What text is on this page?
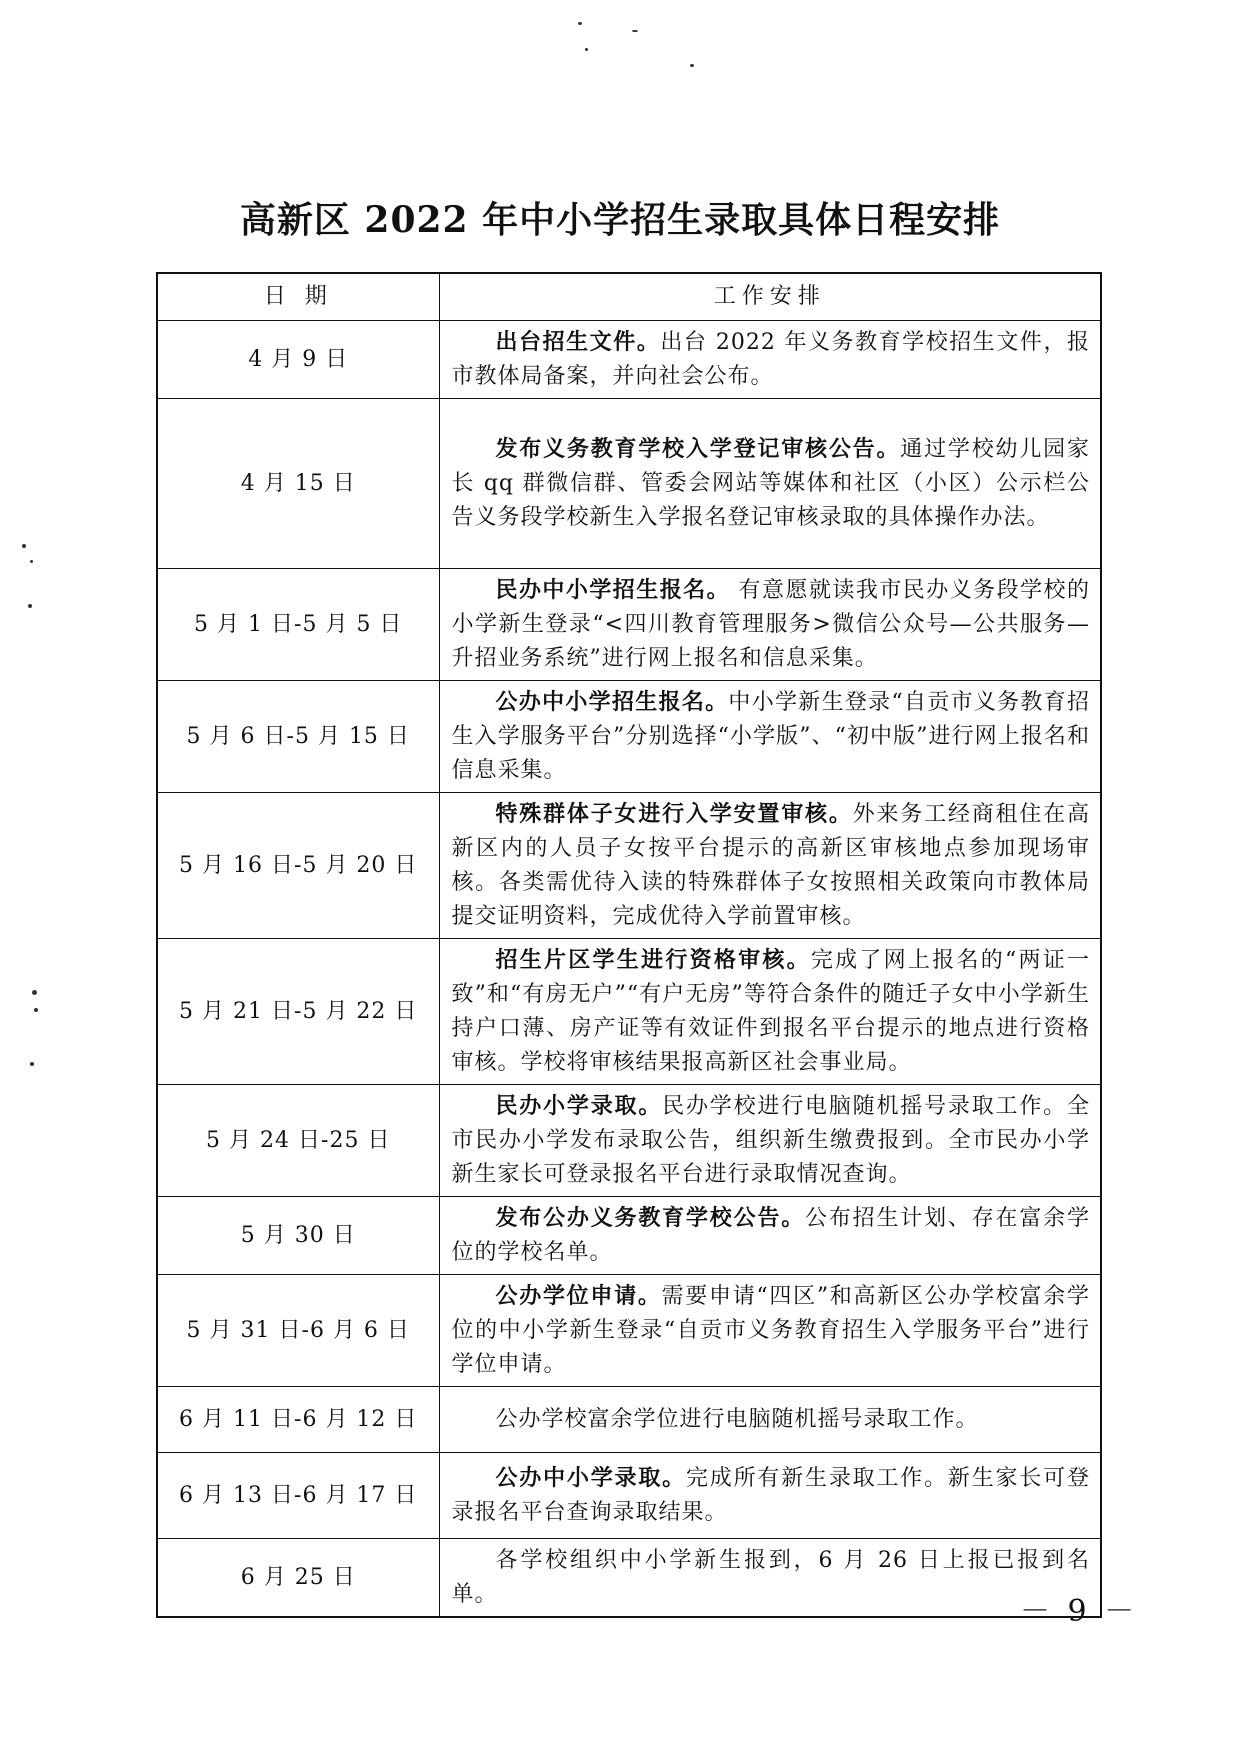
高新区 2022 年中小学招生录取具体日程安排
日 期	工作安排
4 月 9 日	出台招生文件。出台 2022 年义务教育学校招生文件，报市教体局备案，并向社会公布。
4 月 15 日	发布义务教育学校入学登记审核公告。通过学校幼儿园家长 qq 群微信群、管委会网站等媒体和社区（小区）公示栏公告义务段学校新生入学报名登记审核录取的具体操作办法。
5 月 1 日-5 月 5 日	民办中小学招生报名。 有意愿就读我市民办义务段学校的小学新生登录“<四川教育管理服务>微信公众号—公共服务—升招业务系统”进行网上报名和信息采集。
5 月 6 日-5 月 15 日	公办中小学招生报名。中小学新生登录“自贡市义务教育招生入学服务平台”分别选择“小学版”、“初中版”进行网上报名和信息采集。
5 月 16 日-5 月 20 日	特殊群体子女进行入学安置审核。外来务工经商租住在高新区内的人员子女按平台提示的高新区审核地点参加现场审核。各类需优待入读的特殊群体子女按照相关政策向市教体局提交证明资料，完成优待入学前置审核。
5 月 21 日-5 月 22 日	招生片区学生进行资格审核。完成了网上报名的“两证一致”和“有房无户”“有户无房”等符合条件的随迁子女中小学新生持户口薄、房产证等有效证件到报名平台提示的地点进行资格审核。学校将审核结果报高新区社会事业局。
5 月 24 日-25 日	民办小学录取。民办学校进行电脑随机摇号录取工作。全市民办小学发布录取公告，组织新生缴费报到。全市民办小学新生家长可登录报名平台进行录取情况查询。
5 月 30 日	发布公办义务教育学校公告。公布招生计划、存在富余学位的学校名单。
5 月 31 日-6 月 6 日	公办学位申请。需要申请“四区”和高新区公办学校富余学位的中小学新生登录“自贡市义务教育招生入学服务平台”进行学位申请。
6 月 11 日-6 月 12 日	公办学校富余学位进行电脑随机摇号录取工作。
6 月 13 日-6 月 17 日	公办中小学录取。完成所有新生录取工作。新生家长可登录报名平台查询录取结果。
6 月 25 日	各学校组织中小学新生报到，6 月 26 日上报已报到名单。	－ 9 －
